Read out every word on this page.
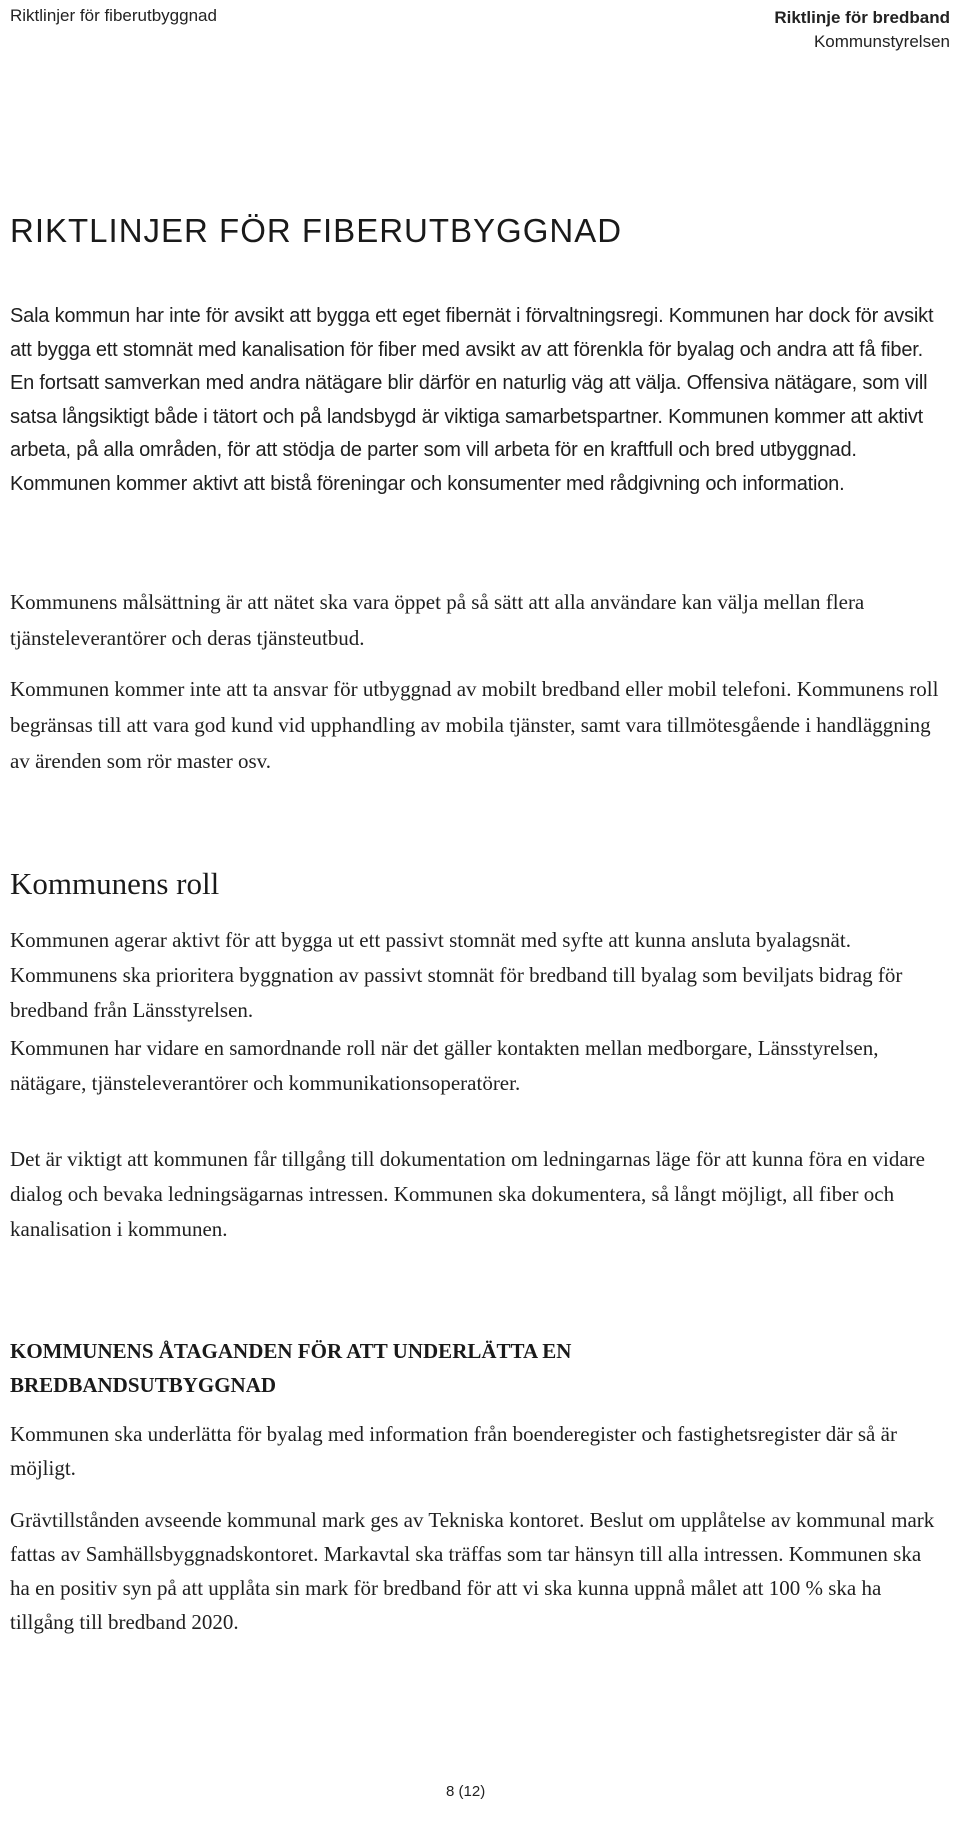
Riktlinjer för fiberutbyggnad	Riktlinje för bredband
Kommunstyrelsen
RIKTLINJER FÖR FIBERUTBYGGNAD

Sala kommun har inte för avsikt att bygga ett eget fibernät i förvaltningsregi. Kommunen har dock för avsikt att bygga ett stomnät med kanalisation för fiber med avsikt av att förenkla för byalag och andra att få fiber. En fortsatt samverkan med andra nätägare blir därför en naturlig väg att välja. Offensiva nätägare, som vill satsa långsiktigt både i tätort och på landsbygd är viktiga samarbetspartner. Kommunen kommer att aktivt arbeta, på alla områden, för att stödja de parter som vill arbeta för en kraftfull och bred utbyggnad. Kommunen kommer aktivt att bistå föreningar och konsumenter med rådgivning och information.

Kommunens målsättning är att nätet ska vara öppet på så sätt att alla användare kan välja mellan flera tjänsteleverantörer och deras tjänsteutbud.

Kommunen kommer inte att ta ansvar för utbyggnad av mobilt bredband eller mobil telefoni. Kommunens roll begränsas till att vara god kund vid upphandling av mobila tjänster, samt vara tillmötesgående i handläggning av ärenden som rör master osv.

Kommunens roll

Kommunen agerar aktivt för att bygga ut ett passivt stomnät med syfte att kunna ansluta byalagsnät. Kommunens ska prioritera byggnation av passivt stomnät för bredband till byalag som beviljats bidrag för bredband från Länsstyrelsen.

Kommunen har vidare en samordnande roll när det gäller kontakten mellan medborgare, Länsstyrelsen, nätägare, tjänsteleverantörer och kommunikationsoperatörer.

Det är viktigt att kommunen får tillgång till dokumentation om ledningarnas läge för att kunna föra en vidare dialog och bevaka ledningsägarnas intressen. Kommunen ska dokumentera, så långt möjligt, all fiber och kanalisation i kommunen.

KOMMUNENS ÅTAGANDEN FÖR ATT UNDERLÄTTA EN BREDBANDSUTBYGGNAD

Kommunen ska underlätta för byalag med information från boenderegister och fastighetsregister där så är möjligt.

Grävtillstånden avseende kommunal mark ges av Tekniska kontoret. Beslut om upplåtelse av kommunal mark fattas av Samhällsbyggnadskontoret. Markavtal ska träffas som tar hänsyn till alla intressen. Kommunen ska ha en positiv syn på att upplåta sin mark för bredband för att vi ska kunna uppnå målet att 100 % ska ha tillgång till bredband 2020.

8 (12)
